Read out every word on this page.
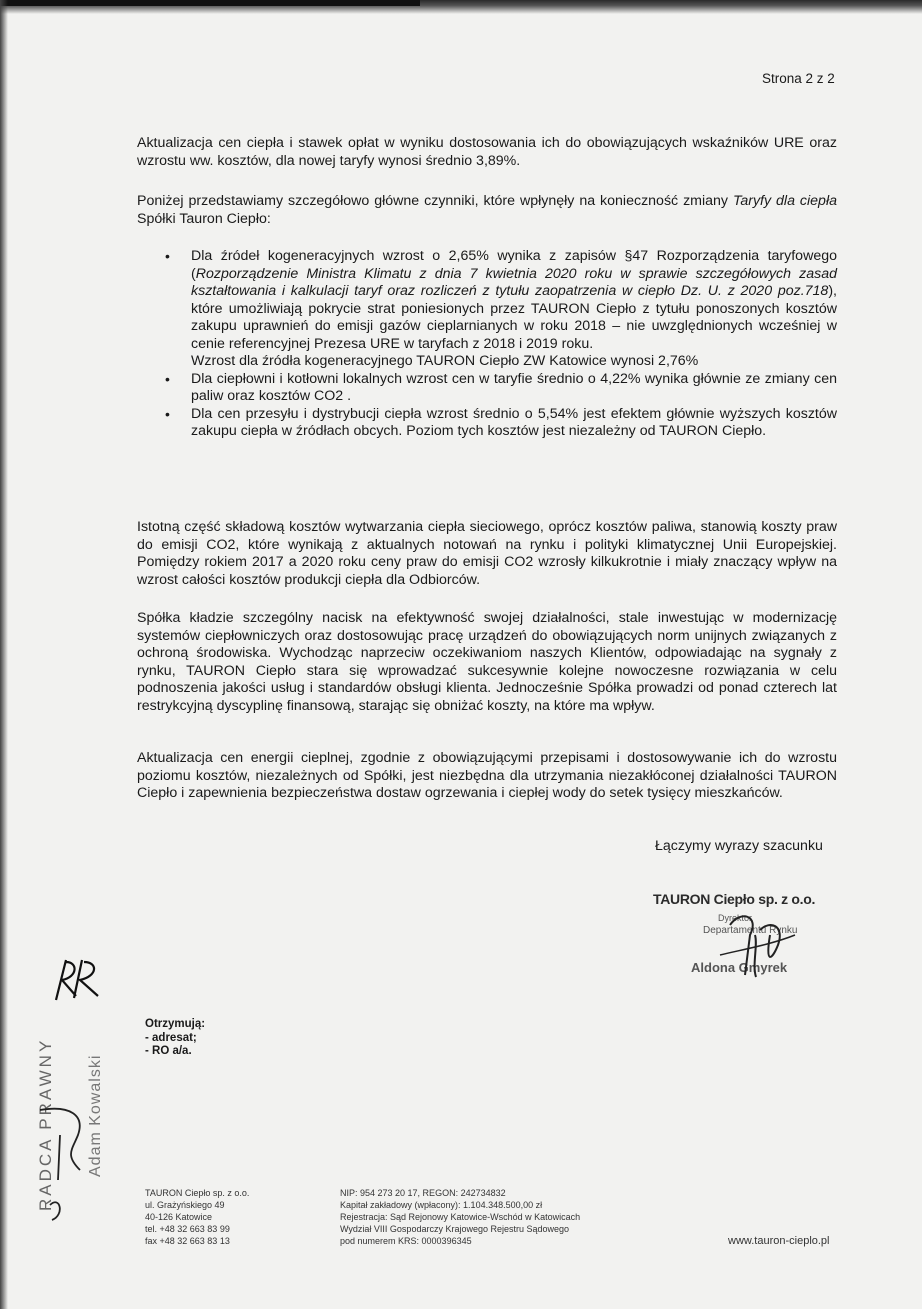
Strona 2 z 2
Aktualizacja cen ciepła i stawek opłat w wyniku dostosowania ich do obowiązujących wskaźników URE oraz wzrostu ww. kosztów, dla nowej taryfy wynosi średnio 3,89%.
Poniżej przedstawiamy szczegółowo główne czynniki, które wpłynęły na konieczność zmiany Taryfy dla ciepła Spółki Tauron Ciepło:
• Dla źródeł kogeneracyjnych wzrost o 2,65% wynika z zapisów §47 Rozporządzenia taryfowego (Rozporządzenie Ministra Klimatu z dnia 7 kwietnia 2020 roku w sprawie szczegółowych zasad kształtowania i kalkulacji taryf oraz rozliczeń z tytułu zaopatrzenia w ciepło Dz. U. z 2020 poz.718), które umożliwiają pokrycie strat poniesionych przez TAURON Ciepło z tytułu ponoszonych kosztów zakupu uprawnień do emisji gazów cieplarnianych w roku 2018 – nie uwzględnionych wcześniej w cenie referencyjnej Prezesa URE w taryfach z 2018 i 2019 roku.
Wzrost dla źródła kogeneracyjnego TAURON Ciepło ZW Katowice wynosi 2,76%
• Dla ciepłowni i kotłowni lokalnych wzrost cen w taryfie średnio o 4,22% wynika głównie ze zmiany cen paliw oraz kosztów CO2 .
• Dla cen przesyłu i dystrybucji ciepła wzrost średnio o 5,54% jest efektem głównie wyższych kosztów zakupu ciepła w źródłach obcych. Poziom tych kosztów jest niezależny od TAURON Ciepło.
Istotną część składową kosztów wytwarzania ciepła sieciowego, oprócz kosztów paliwa, stanowią koszty praw do emisji CO2, które wynikają z aktualnych notowań na rynku i polityki klimatycznej Unii Europejskiej. Pomiędzy rokiem 2017 a 2020 roku ceny praw do emisji CO2 wzrosły kilkukrotnie i miały znaczący wpływ na wzrost całości kosztów produkcji ciepła dla Odbiorców.
Spółka kładzie szczególny nacisk na efektywność swojej działalności, stale inwestując w modernizację systemów ciepłowniczych oraz dostosowując pracę urządzeń do obowiązujących norm unijnych związanych z ochroną środowiska. Wychodząc naprzeciw oczekiwaniom naszych Klientów, odpowiadając na sygnały z rynku, TAURON Ciepło stara się wprowadzać sukcesywnie kolejne nowoczesne rozwiązania w celu podnoszenia jakości usług i standardów obsługi klienta. Jednocześnie Spółka prowadzi od ponad czterech lat restrykcyjną dyscyplinę finansową, starając się obniżać koszty, na które ma wpływ.
Aktualizacja cen energii cieplnej, zgodnie z obowiązującymi przepisami i dostosowywanie ich do wzrostu poziomu kosztów, niezależnych od Spółki, jest niezbędna dla utrzymania niezakłóconej działalności TAURON Ciepło i zapewnienia bezpieczeństwa dostaw ogrzewania i ciepłej wody do setek tysięcy mieszkańców.
Łączymy wyrazy szacunku
TAURON Ciepło sp. z o.o.
Dyrektor
Departamentu Rynku
Aldona Gmyrek
Otrzymują:
- adresat;
- RO a/a.
RADCA PRAWNY Adam Kowalski
TAURON Ciepło sp. z o.o.
ul. Grażyńskiego 49
40-126 Katowice
tel. +48 32 663 83 99
fax +48 32 663 83 13
NIP: 954 273 20 17, REGON: 242734832
Kapitał zakładowy (wpłacony): 1.104.348.500,00 zł
Rejestracja: Sąd Rejonowy Katowice-Wschód w Katowicach
Wydział VIII Gospodarczy Krajowego Rejestru Sądowego
pod numerem KRS: 0000396345	www.tauron-cieplo.pl
